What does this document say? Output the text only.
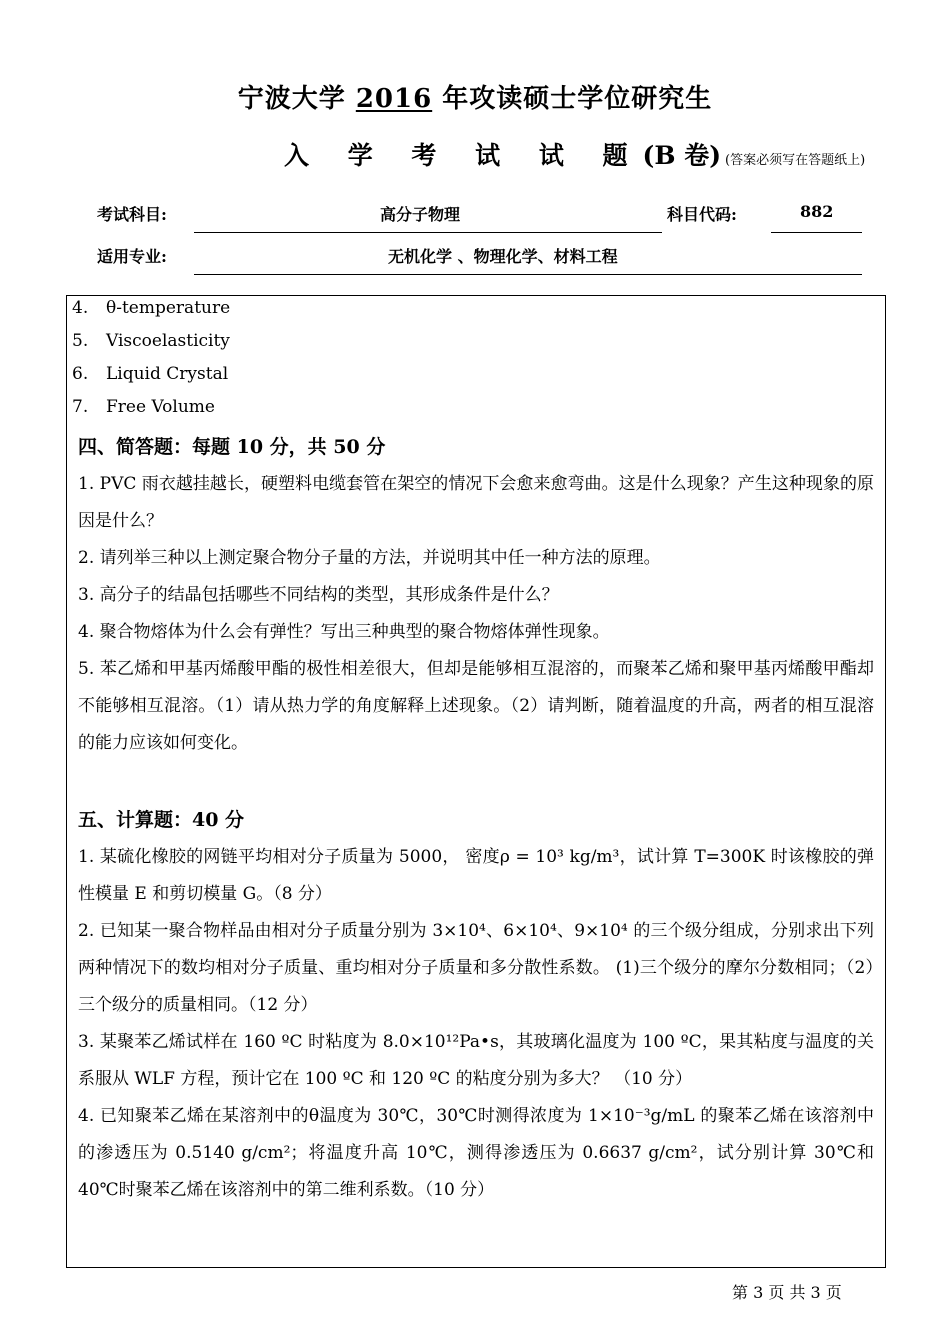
宁波大学 2016 年攻读硕士学位研究生
入 学 考 试 试 题(B 卷) (答案必须写在答题纸上)
考试科目:	高分子物理	科目代码:	882
适用专业:	无机化学 、物理化学、材料工程
4. θ-temperature
5. Viscoelasticity
6. Liquid Crystal
7. Free Volume
四、简答题：每题 10 分，共 50 分
1. PVC 雨衣越挂越长，硬塑料电缆套管在架空的情况下会愈来愈弯曲。这是什么现象？产生这种现象的原因是什么？
2. 请列举三种以上测定聚合物分子量的方法，并说明其中任一种方法的原理。
3. 高分子的结晶包括哪些不同结构的类型，其形成条件是什么？
4. 聚合物熔体为什么会有弹性？写出三种典型的聚合物熔体弹性现象。
5. 苯乙烯和甲基丙烯酸甲酯的极性相差很大，但却是能够相互混溶的，而聚苯乙烯和聚甲基丙烯酸甲酯却不能够相互混溶。（1）请从热力学的角度解释上述现象。（2）请判断，随着温度的升高，两者的相互混溶的能力应该如何变化。
五、计算题：40 分
1. 某硫化橡胶的网链平均相对分子质量为 5000， 密度ρ = 10³ kg/m³，试计算 T=300K 时该橡胶的弹性模量 E 和剪切模量 G。（8 分）
2. 已知某一聚合物样品由相对分子质量分别为 3×10⁴、6×10⁴、9×10⁴ 的三个级分组成，分别求出下列两种情况下的数均相对分子质量、重均相对分子质量和多分散性系数。 (1)三个级分的摩尔分数相同；（2）三个级分的质量相同。（12 分）
3. 某聚苯乙烯试样在 160 ºC 时粘度为 8.0×10¹²Pa•s，其玻璃化温度为 100 ºC，果其粘度与温度的关系服从 WLF 方程，预计它在 100 ºC 和 120 ºC 的粘度分别为多大？ （10 分）
4. 已知聚苯乙烯在某溶剂中的θ温度为 30℃，30℃时测得浓度为 1×10⁻³g/mL 的聚苯乙烯在该溶剂中的渗透压为 0.5140 g/cm²；将温度升高 10℃，测得渗透压为 0.6637 g/cm²，试分别计算 30℃和 40℃时聚苯乙烯在该溶剂中的第二维利系数。（10 分）
第 3 页 共 3 页
